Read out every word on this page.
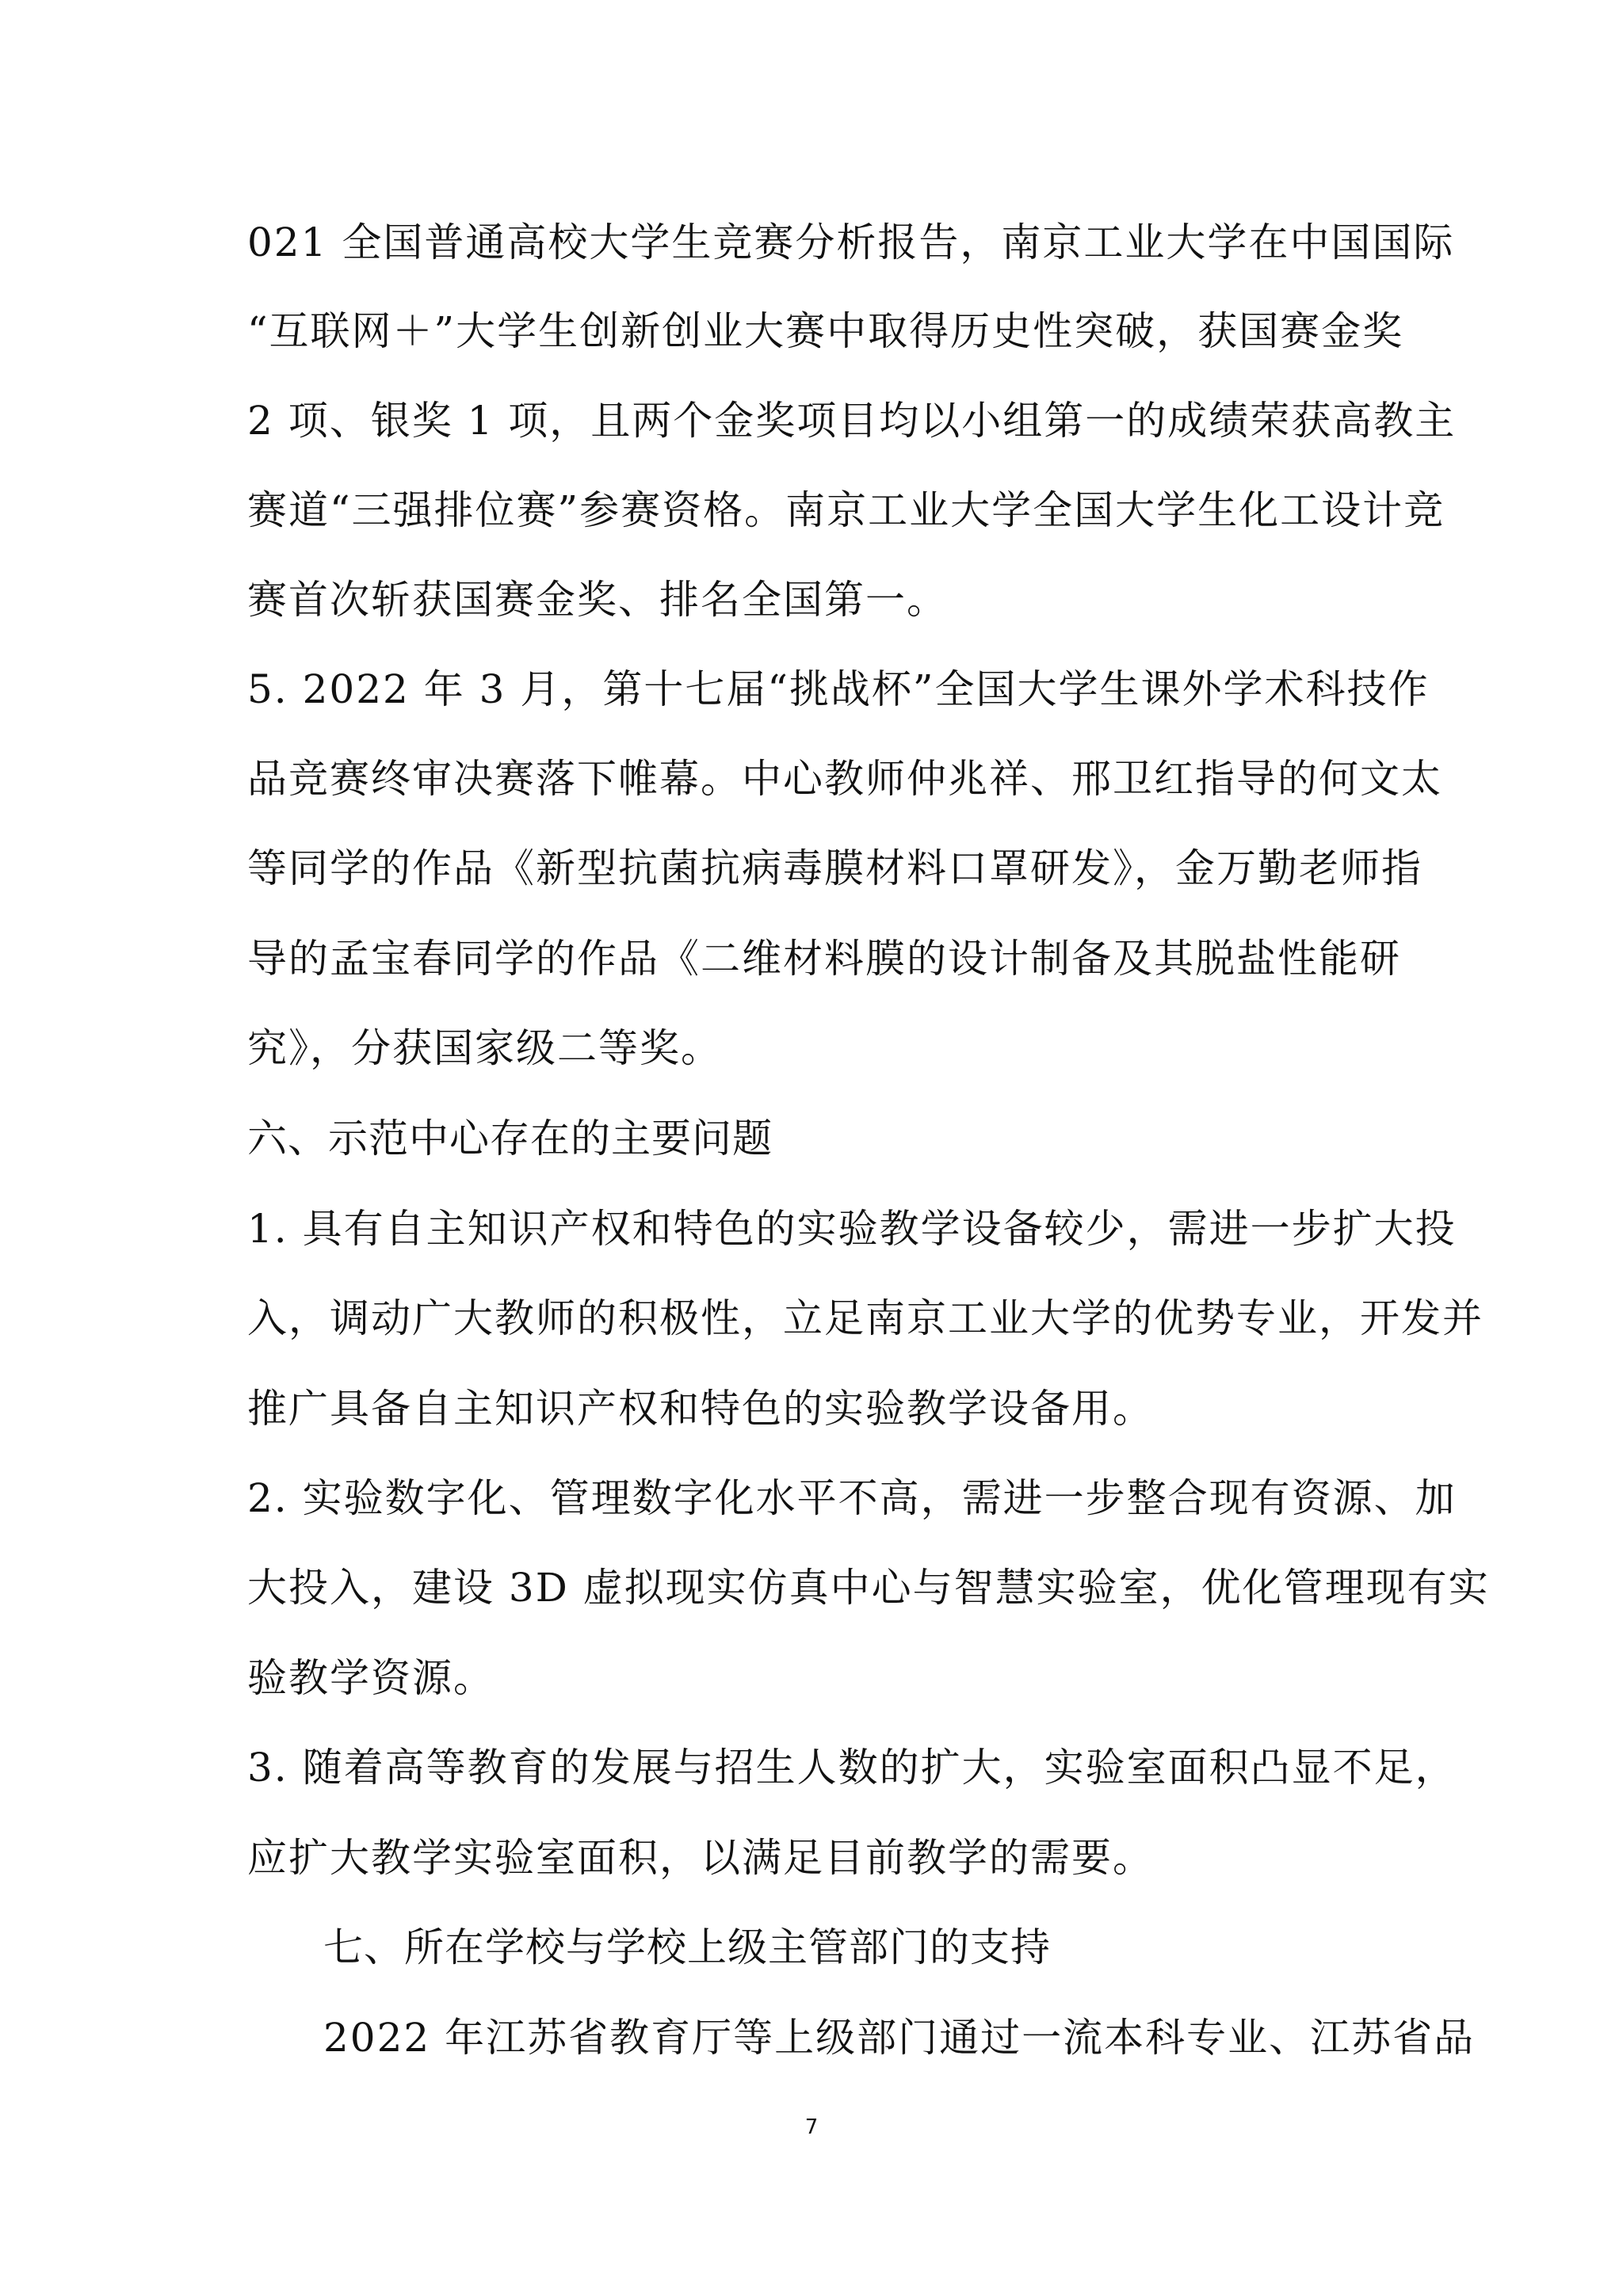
021 全国普通高校大学生竞赛分析报告，南京工业大学在中国国际
“互联网＋”大学生创新创业大赛中取得历史性突破，获国赛金奖
2 项、银奖 1 项，且两个金奖项目均以小组第一的成绩荣获高教主
赛道“三强排位赛”参赛资格。南京工业大学全国大学生化工设计竞
赛首次斩获国赛金奖、排名全国第一。
5. 2022 年 3 月，第十七届“挑战杯”全国大学生课外学术科技作
品竞赛终审决赛落下帷幕。中心教师仲兆祥、邢卫红指导的何文太
等同学的作品《新型抗菌抗病毒膜材料口罩研发》，金万勤老师指
导的孟宝春同学的作品《二维材料膜的设计制备及其脱盐性能研
究》，分获国家级二等奖。
六、示范中心存在的主要问题
1. 具有自主知识产权和特色的实验教学设备较少，需进一步扩大投
入，调动广大教师的积极性，立足南京工业大学的优势专业，开发并
推广具备自主知识产权和特色的实验教学设备用。
2. 实验数字化、管理数字化水平不高，需进一步整合现有资源、加
大投入，建设 3D 虚拟现实仿真中心与智慧实验室，优化管理现有实
验教学资源。
3. 随着高等教育的发展与招生人数的扩大，实验室面积凸显不足，
应扩大教学实验室面积，以满足目前教学的需要。
七、所在学校与学校上级主管部门的支持
2022 年江苏省教育厅等上级部门通过一流本科专业、江苏省品
7
